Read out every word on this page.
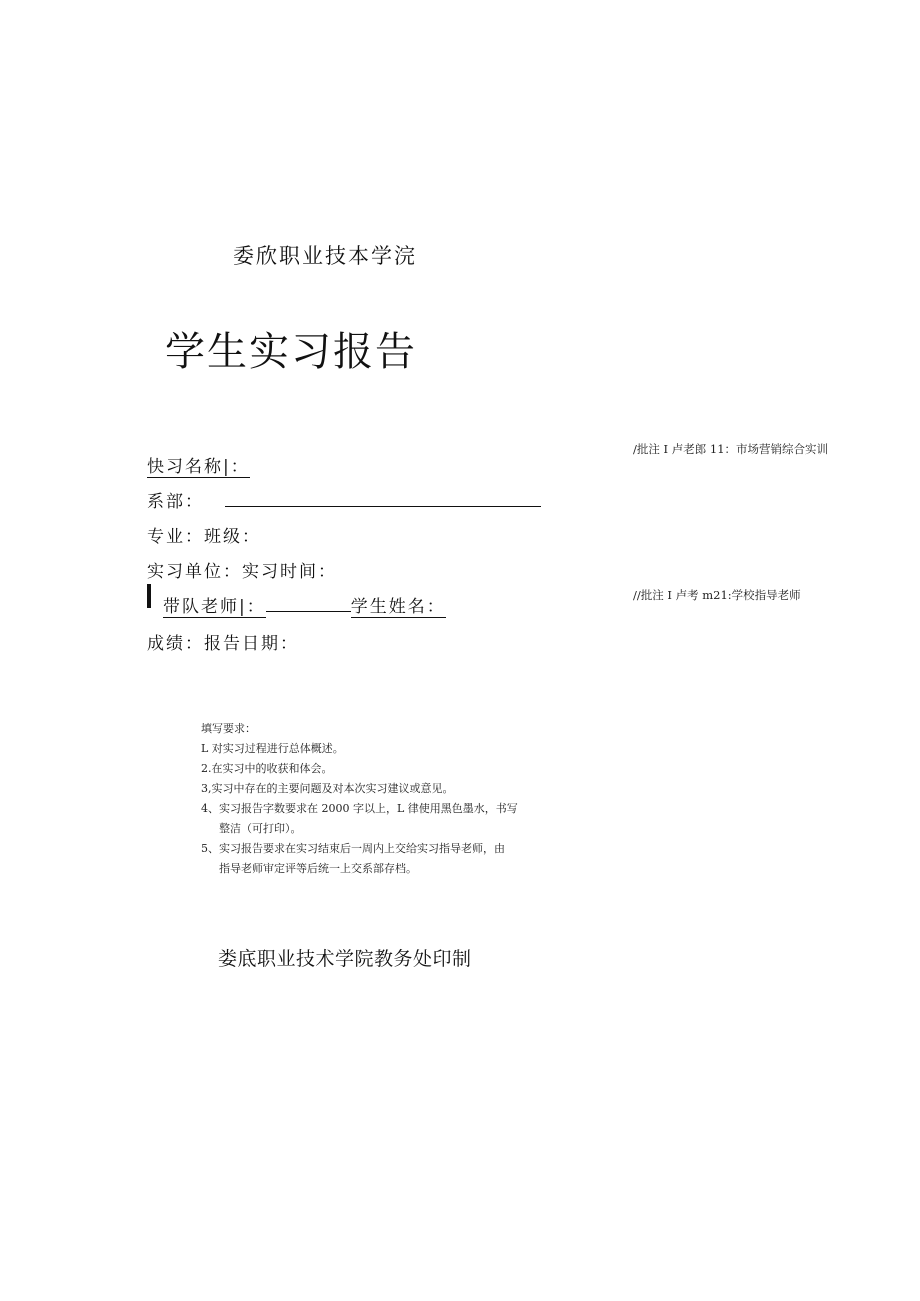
委欣职业技本学浣
学生实习报告
/批注 I 卢老郎 11：市场营销综合实训
//批注 I 卢考 m21:学校指导老师
快习名称|：
系部：
专业：班级：
实习单位：实习时间：
带队老师|：	学生姓名：
成绩：报告日期：
填写要求：
L 对实习过程进行总体概述。
2.在实习中的收获和体会。
3,实习中存在的主要问题及对本次实习建议或意见。
4、实习报告字数要求在 2000 字以上，L 律使用黑色墨水，书写
整洁（可打印）。
5、实习报告要求在实习结束后一周内上交给实习指导老师，由
指导老师审定评等后统一上交系部存档。
娄底职业技术学院教务处印制
